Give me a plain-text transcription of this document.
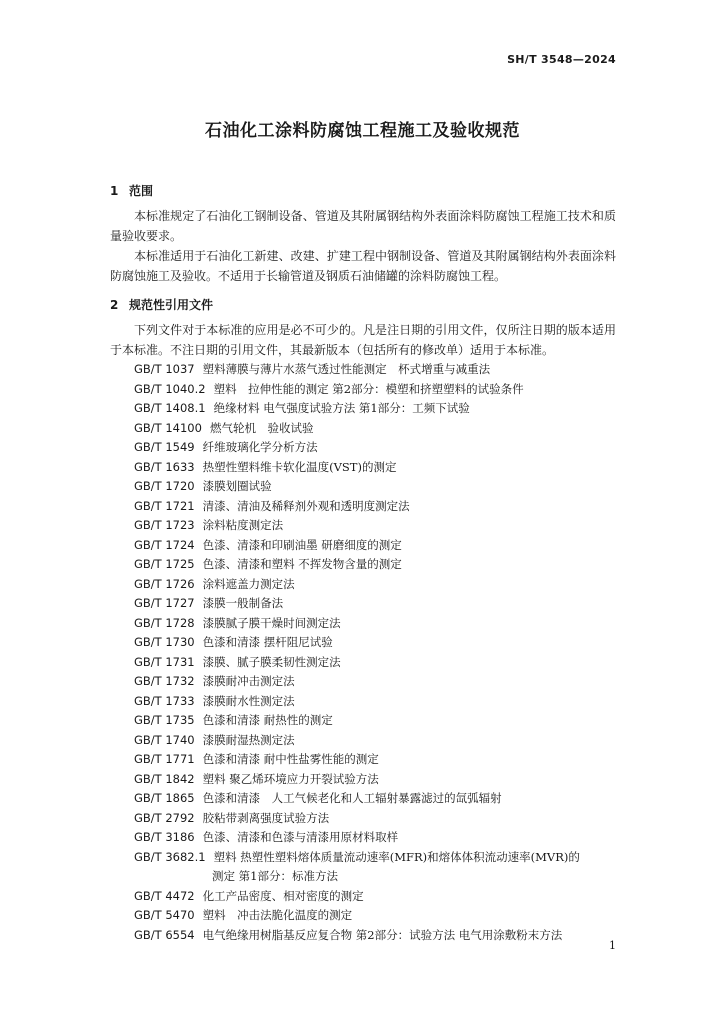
SH/T 3548—2024
石油化工涂料防腐蚀工程施工及验收规范
1 范围
本标准规定了石油化工钢制设备、管道及其附属钢结构外表面涂料防腐蚀工程施工技术和质量验收要求。
本标准适用于石油化工新建、改建、扩建工程中钢制设备、管道及其附属钢结构外表面涂料防腐蚀施工及验收。不适用于长输管道及钢质石油储罐的涂料防腐蚀工程。
2 规范性引用文件
下列文件对于本标准的应用是必不可少的。凡是注日期的引用文件，仅所注日期的版本适用于本标准。不注日期的引用文件，其最新版本（包括所有的修改单）适用于本标准。
GB/T 1037 塑料薄膜与薄片水蒸气透过性能测定　杯式增重与减重法
GB/T 1040.2 塑料　拉伸性能的测定 第2部分：模塑和挤塑塑料的试验条件
GB/T 1408.1 绝缘材料 电气强度试验方法 第1部分：工频下试验
GB/T 14100 燃气轮机　验收试验
GB/T 1549 纤维玻璃化学分析方法
GB/T 1633 热塑性塑料维卡软化温度(VST)的测定
GB/T 1720 漆膜划圈试验
GB/T 1721 清漆、清油及稀释剂外观和透明度测定法
GB/T 1723 涂料粘度测定法
GB/T 1724 色漆、清漆和印刷油墨 研磨细度的测定
GB/T 1725 色漆、清漆和塑料 不挥发物含量的测定
GB/T 1726 涂料遮盖力测定法
GB/T 1727 漆膜一般制备法
GB/T 1728 漆膜腻子膜干燥时间测定法
GB/T 1730 色漆和清漆 摆杆阻尼试验
GB/T 1731 漆膜、腻子膜柔韧性测定法
GB/T 1732 漆膜耐冲击测定法
GB/T 1733 漆膜耐水性测定法
GB/T 1735 色漆和清漆 耐热性的测定
GB/T 1740 漆膜耐湿热测定法
GB/T 1771 色漆和清漆 耐中性盐雾性能的测定
GB/T 1842 塑料 聚乙烯环境应力开裂试验方法
GB/T 1865 色漆和清漆　人工气候老化和人工辐射暴露滤过的氙弧辐射
GB/T 2792 胶粘带剥离强度试验方法
GB/T 3186 色漆、清漆和色漆与清漆用原材料取样
GB/T 3682.1 塑料 热塑性塑料熔体质量流动速率(MFR)和熔体体积流动速率(MVR)的
测定 第1部分：标准方法
GB/T 4472 化工产品密度、相对密度的测定
GB/T 5470 塑料　冲击法脆化温度的测定
GB/T 6554 电气绝缘用树脂基反应复合物 第2部分：试验方法 电气用涂敷粉末方法
1
